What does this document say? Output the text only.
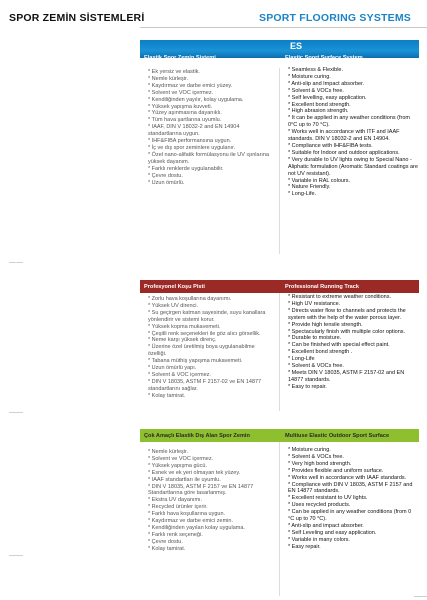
SPOR ZEMİN SİSTEMLERİ	SPORT FLOORING SYSTEMS
ES
Elastik Spor Zemin Sistemi	Elastic Sport Surface System
* Ek yersiz ve elastik.
* Nemle kürleşir.
* Kaydırmaz ve darbe emici yüzey.
* Solvent ve VOC içermez.
* Kendiliğinden yayılır, kolay uygulama.
* Yüksek yapışma kuvveti.
* Yüzey aşınmasına dayanıklı.
* Tüm hava şartlarına uyumlu.
* IAAF, DIN V 18032-2 and EN 14904 standartlarına uygun.
* IHF&FIBA performansına uygun.
* İç ve dış spor zeminlere uygulanır.
* Özel nano-alifatik formülasyonu ile UV ışınlarına yüksek dayanım.
* Farklı renklerde uygulanabilir.
* Çevre dostu.
* Uzun ömürlü.
* Seamless & Flexible.
* Moisture curing.
* Anti-slip and Impact absorber.
* Solvent & VOCs free.
* Self levelling, easy application.
* Excellent bond strength.
* High abrasion strength.
* It can be applied in any weather conditions (from 0°C up to 70 °C).
* Works well in accordance with ITF and IAAF standards. DIN V 18032-2 and EN 14904.
* Compliance with IHF&FIBA tests.
* Suitable for Indoor and outdoor applications.
* Very durable to UV lights owing to Special Nano - Aliphatic formulation (Aromatic Standard coatings are not UV resistant).
* Variable in RAL colours.
* Nature Friendly.
* Long-Life.
Profesyonel Koşu Pisti	Professional Running Track
* Zorlu hava koşullarına dayanımı.
* Yüksek UV direnci.
* Su geçirgen katman sayesinde, suyu kanallara yönlendirir ve sistemi korur.
* Yüksek kopma mukavemeti.
* Çeşitli renk seçenekleri ile göz alıcı görsellik.
* Neme karşı yüksek direnç.
* Üzerine özel üretilmiş boya uygulanabilme özelliği.
* Tabana müthiş yapışma mukavemeti.
* Uzun ömürlü yapı.
* Solvent & VOC içermez.
* DIN V 18035, ASTM F 2157-02 ve EN 14877 standartlarını sağlar.
* Kolay tamirat.
* Resistant to extreme weather conditions.
* High UV resistance.
* Directs water flow to channels and protects the system with the help of the water porous layer.
* Provide high tensile strength.
* Spectacularly finish with multiple color options.
* Durable to moisture.
* Can be finished with special effect paint.
* Excellent bond strength .
* Long-Life
* Solvent & VOCs free.
* Meets DIN V 18035, ASTM F 2157-02 and EN 14877 standards.
* Easy to repair.
Çok Amaçlı Elastik Dış Alan Spor Zemin	Multiuse Elastic Outdoor Sport Surface
* Nemle kürleşir.
* Solvent ve VOC içermez.
* Yüksek yapışma gücü.
* Esnek ve ek yeri olmayan tek yüzey.
* IAAF standartları ile uyumlu.
* DIN V 18035, ASTM F 2157 ve EN 14877 Standartlarına göre tasarlanmış.
* Ekstra UV dayanımı.
* Recycled ürünler içerir.
* Farklı hava koşullarına uygun.
* Kaydırmaz ve darbe emici zemin.
* Kendiliğinden yayılan kolay uygulama.
* Farklı renk seçeneği.
* Çevre dostu.
* Kolay tamirat.
* Moisture curing.
* Solvent & VOCs free.
* Very high bond strength.
* Provides flexible and uniform surface.
* Works well in accordance with IAAF standards.
* Compliance with DIN V 18035, ASTM F 2157 and EN 14877 standards.
* Excellent resistant to UV lights.
* Uses recycled products.
* Can be applied in any weather conditions (from 0 °C up to 70 °C).
* Anti-slip and impact absorber.
* Self Leveling and easy application.
* Variable in many colors.
* Easy repair.
